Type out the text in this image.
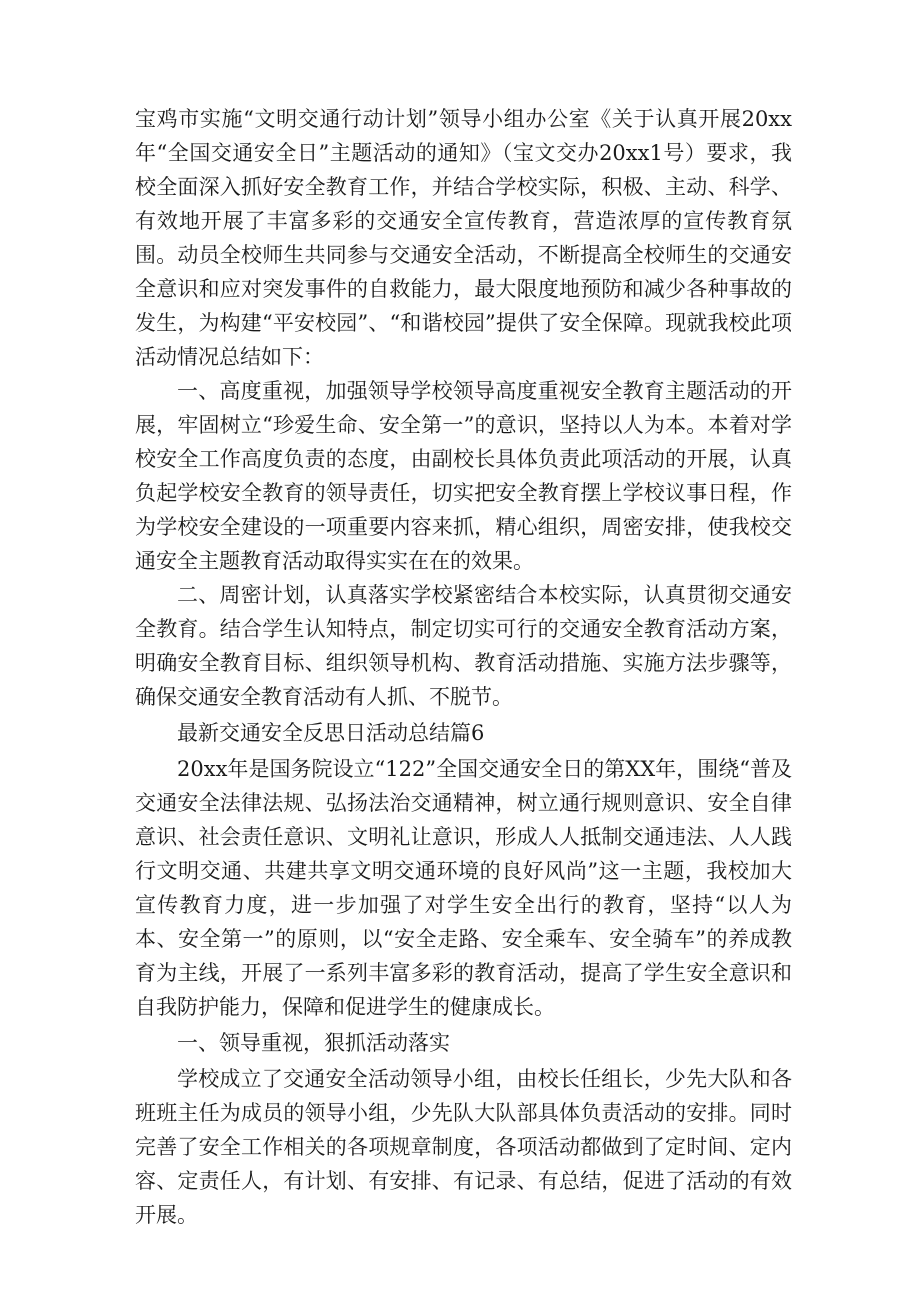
宝鸡市实施“文明交通行动计划”领导小组办公室《关于认真开展20xx年“全国交通安全日”主题活动的通知》（宝文交办20xx1号）要求，我校全面深入抓好安全教育工作，并结合学校实际，积极、主动、科学、有效地开展了丰富多彩的交通安全宣传教育，营造浓厚的宣传教育氛围。动员全校师生共同参与交通安全活动，不断提高全校师生的交通安全意识和应对突发事件的自救能力，最大限度地预防和减少各种事故的发生，为构建“平安校园”、“和谐校园”提供了安全保障。现就我校此项活动情况总结如下：

一、高度重视，加强领导学校领导高度重视安全教育主题活动的开展，牢固树立“珍爱生命、安全第一”的意识，坚持以人为本。本着对学校安全工作高度负责的态度，由副校长具体负责此项活动的开展，认真负起学校安全教育的领导责任，切实把安全教育摆上学校议事日程，作为学校安全建设的一项重要内容来抓，精心组织，周密安排，使我校交通安全主题教育活动取得实实在在的效果。

二、周密计划，认真落实学校紧密结合本校实际，认真贯彻交通安全教育。结合学生认知特点，制定切实可行的交通安全教育活动方案，明确安全教育目标、组织领导机构、教育活动措施、实施方法步骤等，确保交通安全教育活动有人抓、不脱节。

最新交通安全反思日活动总结篇6

20xx年是国务院设立“122”全国交通安全日的第XX年，围绕“普及交通安全法律法规、弘扬法治交通精神，树立通行规则意识、安全自律意识、社会责任意识、文明礼让意识，形成人人抵制交通违法、人人践行文明交通、共建共享文明交通环境的良好风尚”这一主题，我校加大宣传教育力度，进一步加强了对学生安全出行的教育，坚持“以人为本、安全第一”的原则，以“安全走路、安全乘车、安全骑车”的养成教育为主线，开展了一系列丰富多彩的教育活动，提高了学生安全意识和自我防护能力，保障和促进学生的健康成长。

一、领导重视，狠抓活动落实

学校成立了交通安全活动领导小组，由校长任组长，少先大队和各班班主任为成员的领导小组，少先队大队部具体负责活动的安排。同时完善了安全工作相关的各项规章制度，各项活动都做到了定时间、定内容、定责任人，有计划、有安排、有记录、有总结，促进了活动的有效开展。
